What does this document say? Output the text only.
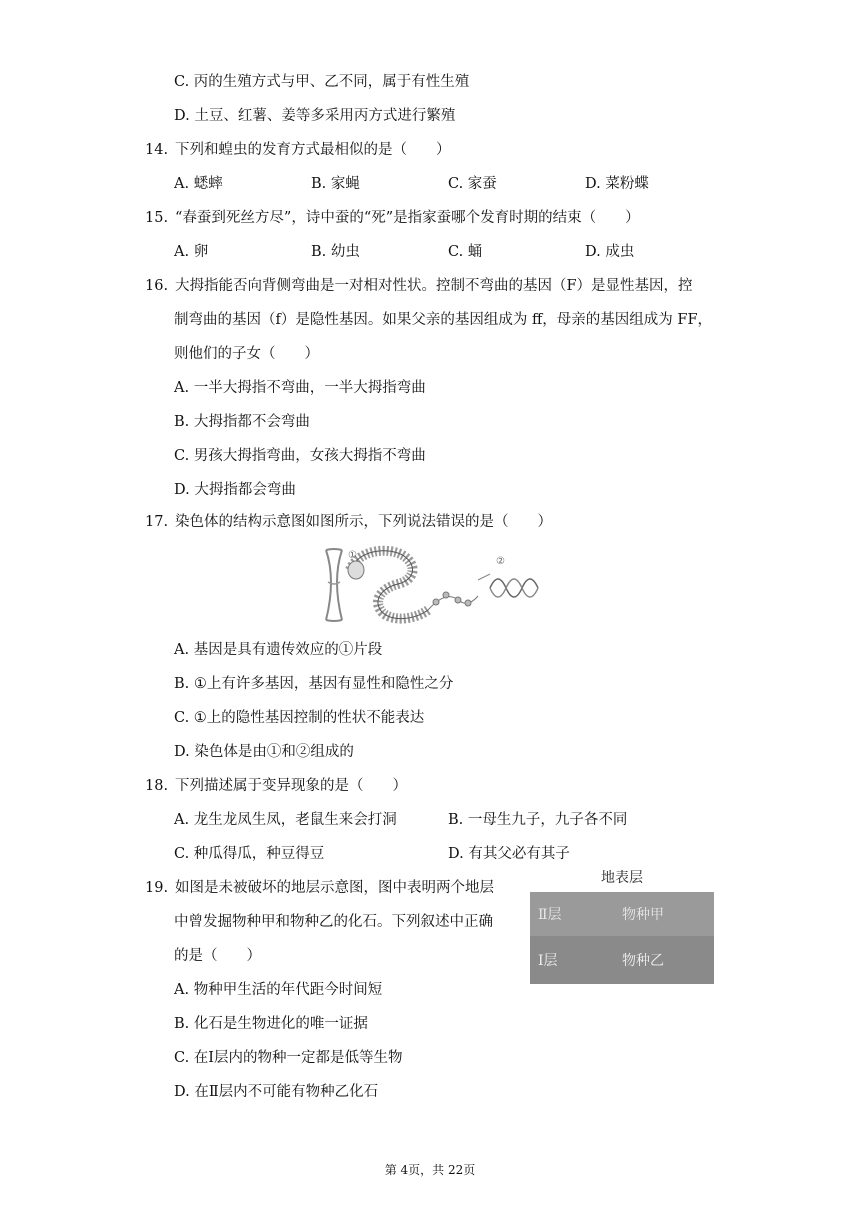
C. 丙的生殖方式与甲、乙不同，属于有性生殖
D. 土豆、红薯、姜等多采用丙方式进行繁殖
14. 下列和蝗虫的发育方式最相似的是（　　）
A. 蟋蟀	B. 家蝇	C. 家蚕	D. 菜粉蝶
15. “春蚕到死丝方尽”，诗中蚕的“死”是指家蚕哪个发育时期的结束（　　）
A. 卵	B. 幼虫	C. 蛹	D. 成虫
16. 大拇指能否向背侧弯曲是一对相对性状。控制不弯曲的基因（F）是显性基因，控
制弯曲的基因（f）是隐性基因。如果父亲的基因组成为 ff，母亲的基因组成为 FF，
则他们的子女（　　）
A. 一半大拇指不弯曲，一半大拇指弯曲
B. 大拇指都不会弯曲
C. 男孩大拇指弯曲，女孩大拇指不弯曲
D. 大拇指都会弯曲
17. 染色体的结构示意图如图所示，下列说法错误的是（　　）
①
②
A. 基因是具有遗传效应的①片段
B. ①上有许多基因，基因有显性和隐性之分
C. ①上的隐性基因控制的性状不能表达
D. 染色体是由①和②组成的
18. 下列描述属于变异现象的是（　　）
A. 龙生龙凤生凤，老鼠生来会打洞	B. 一母生九子，九子各不同
C. 种瓜得瓜，种豆得豆	D. 有其父必有其子
19. 如图是未被破坏的地层示意图，图中表明两个地层
中曾发掘物种甲和物种乙的化石。下列叙述中正确
的是（　　）
地表层
Ⅱ层	物种甲
Ⅰ层	物种乙
A. 物种甲生活的年代距今时间短
B. 化石是生物进化的唯一证据
C. 在Ⅰ层内的物种一定都是低等生物
D. 在Ⅱ层内不可能有物种乙化石
第 4页，共 22页
